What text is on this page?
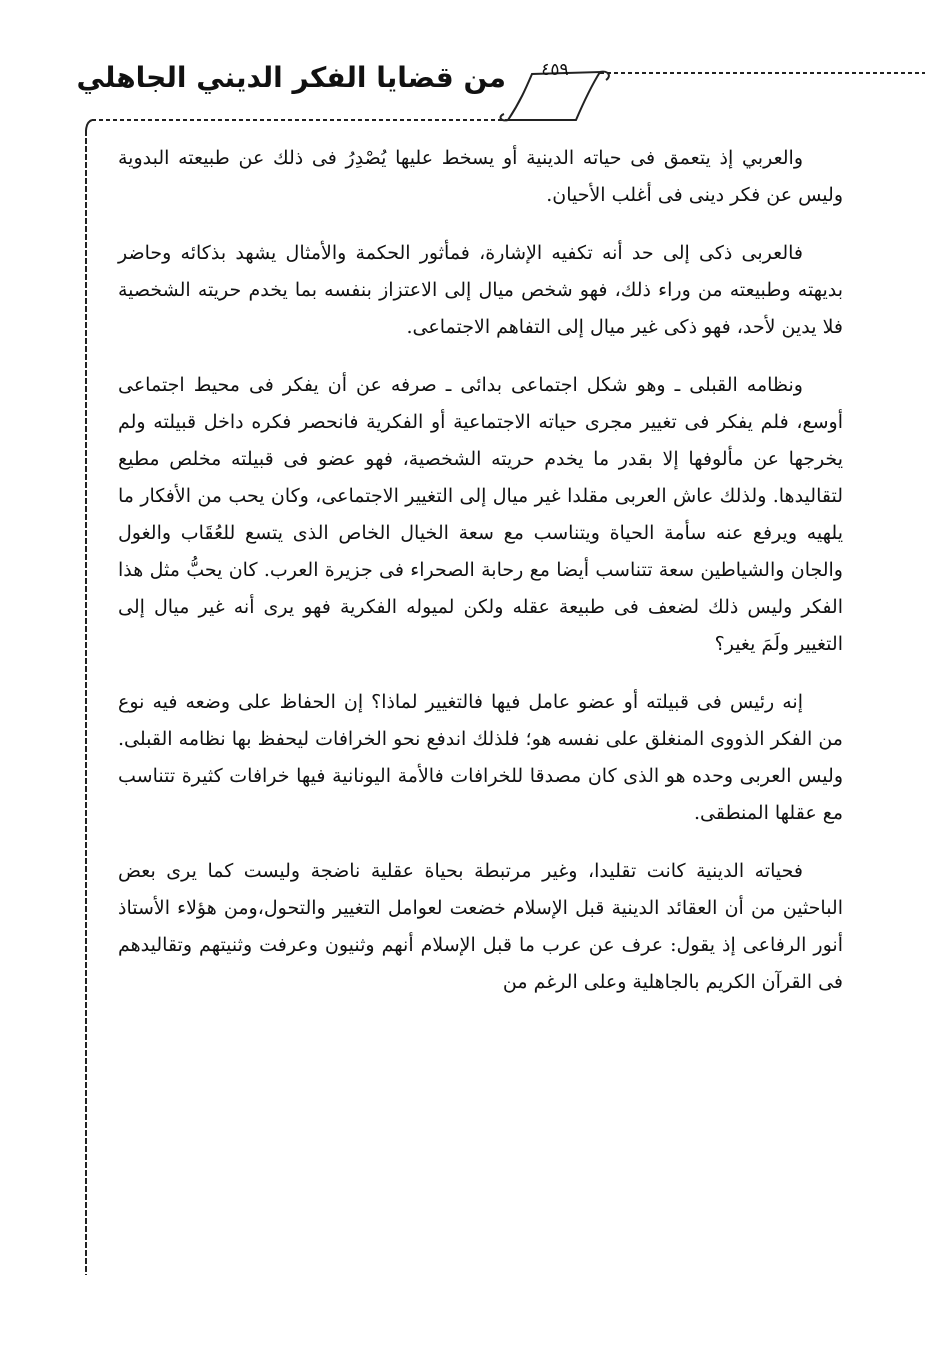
من قضايا الفكر الديني الجاهلي	٤٥٩

والعربي إذ يتعمق فى حياته الدينية أو يسخط عليها يُصْدِرُ فى ذلك عن طبيعته البدوية وليس عن فكر دينى فى أغلب الأحيان.

فالعربى ذكى إلى حد أنه تكفيه الإشارة، فمأثور الحكمة والأمثال يشهد بذكائه وحاضر بديهته وطبيعته من وراء ذلك، فهو شخص ميال إلى الاعتزاز بنفسه بما يخدم حريته الشخصية فلا يدين لأحد، فهو ذكى غير ميال إلى التفاهم الاجتماعى.

ونظامه القبلى ـ وهو شكل اجتماعى بدائى ـ صرفه عن أن يفكر فى محيط اجتماعى أوسع، فلم يفكر فى تغيير مجرى حياته الاجتماعية أو الفكرية فانحصر فكره داخل قبيلته ولم يخرجها عن مألوفها إلا بقدر ما يخدم حريته الشخصية، فهو عضو فى قبيلته مخلص مطيع لتقاليدها. ولذلك عاش العربى مقلدا غير ميال إلى التغيير الاجتماعى، وكان يحب من الأفكار ما يلهيه ويرفع عنه سأمة الحياة ويتناسب مع سعة الخيال الخاص الذى يتسع للعُقَاب والغول والجان والشياطين سعة تتناسب أيضا مع رحابة الصحراء فى جزيرة العرب. كان يحبُّ مثل هذا الفكر وليس ذلك لضعف فى طبيعة عقله ولكن لميوله الفكرية فهو يرى أنه غير ميال إلى التغيير ولَمَ يغير؟

إنه رئيس فى قبيلته أو عضو عامل فيها فالتغيير لماذا؟ إن الحفاظ على وضعه فيه نوع من الفكر الذووى المنغلق على نفسه هو؛ فلذلك اندفع نحو الخرافات ليحفظ بها نظامه القبلى. وليس العربى وحده هو الذى كان مصدقا للخرافات فالأمة اليونانية فيها خرافات كثيرة تتناسب مع عقلها المنطقى.

فحياته الدينية كانت تقليدا، وغير مرتبطة بحياة عقلية ناضجة وليست كما يرى بعض الباحثين من أن العقائد الدينية قبل الإسلام خضعت لعوامل التغيير والتحول،ومن هؤلاء الأستاذ أنور الرفاعى إذ يقول: عرف عن عرب ما قبل الإسلام أنهم وثنيون وعرفت وثنيتهم وتقاليدهم فى القرآن الكريم بالجاهلية وعلى الرغم من
